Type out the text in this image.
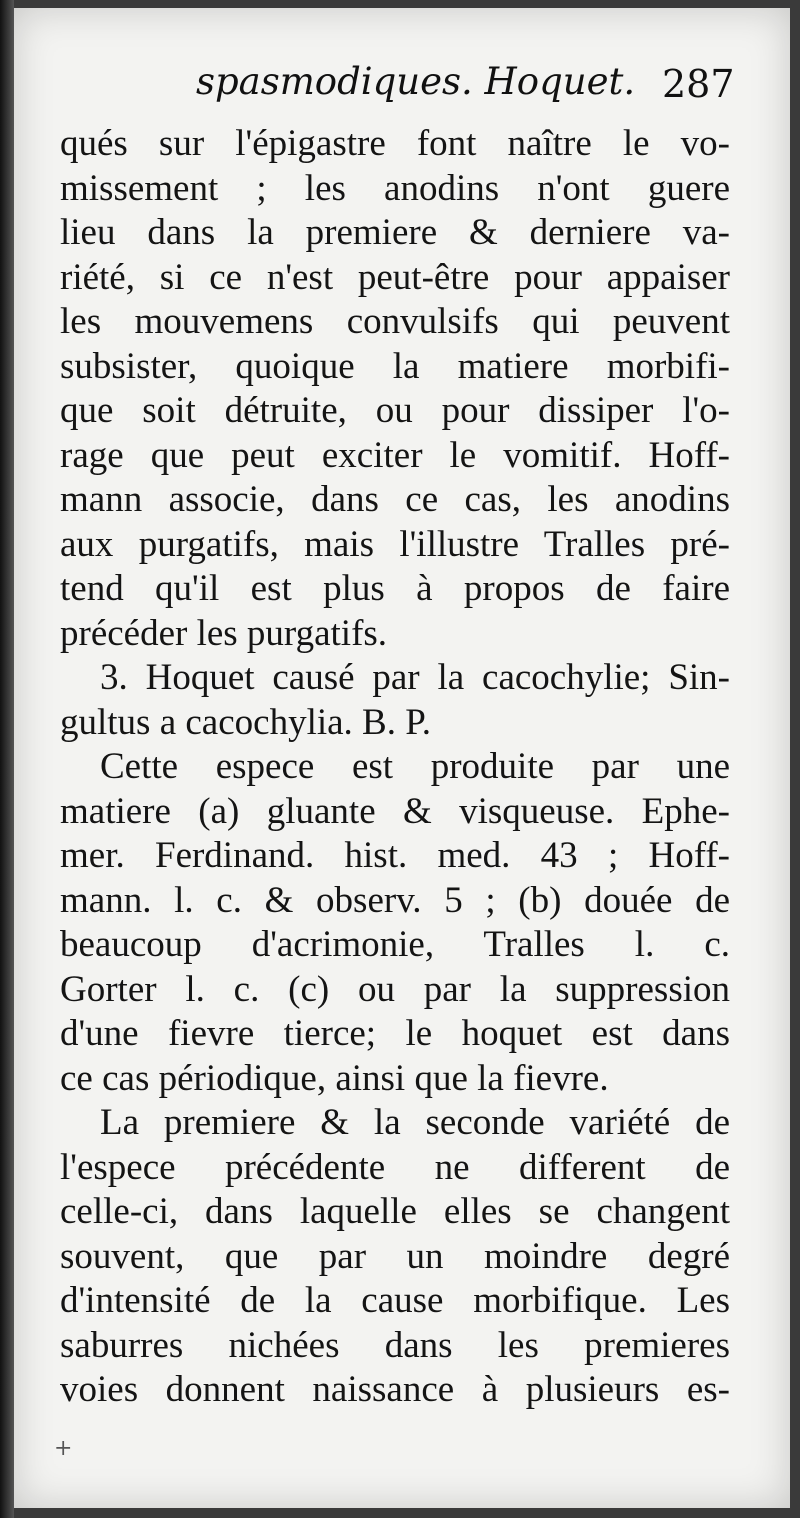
spasmodiques. Hoquet. 287
qués sur l'épigastre font naître le vo-
missement ; les anodins n'ont guere
lieu dans la premiere & derniere va-
riété, si ce n'est peut-être pour appaiser
les mouvemens convulsifs qui peuvent
subsister, quoique la matiere morbifi-
que soit détruite, ou pour dissiper l'o-
rage que peut exciter le vomitif. Hoff-
mann associe, dans ce cas, les anodins
aux purgatifs, mais l'illustre Tralles pré-
tend qu'il est plus à propos de faire
précéder les purgatifs.
3. Hoquet causé par la cacochylie; Sin-
gultus a cacochylia. B. P.
Cette espece est produite par une
matiere (a) gluante & visqueuse. Ephe-
mer. Ferdinand. hist. med. 43 ; Hoff-
mann. l. c. & observ. 5 ; (b) douée de
beaucoup d'acrimonie, Tralles l. c.
Gorter l. c. (c) ou par la suppression
d'une fievre tierce; le hoquet est dans
ce cas périodique, ainsi que la fievre.
La premiere & la seconde variété de
l'espece précédente ne different de
celle-ci, dans laquelle elles se changent
souvent, que par un moindre degré
d'intensité de la cause morbifique. Les
saburres nichées dans les premieres
voies donnent naissance à plusieurs es-
+
